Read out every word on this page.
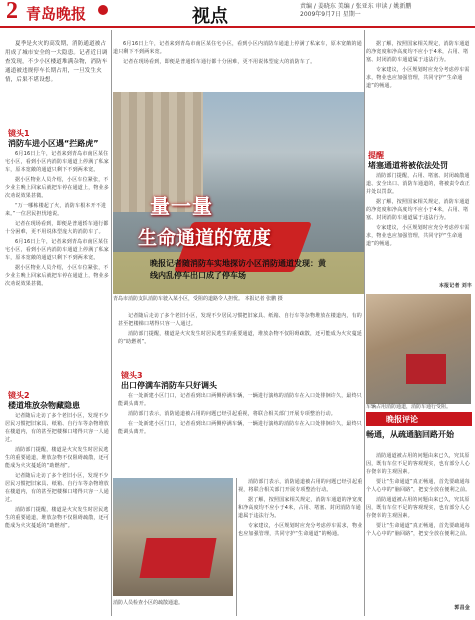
2 青岛晚报	视点	责编 / 姜晓东 美编 / 张亚东 审读 / 姚新鹏
2009年9月7日 星期一

夏季是火灾的高发期，消防通道被占用成了城市安全的一大隐患。记者近日调查发现，不少小区楼道堆满杂物，消防车通道被违规停车长期占用，一旦发生火情，后果不堪设想。

镜头1
消防车进小区遇“拦路虎”

6月16日上午，记者来到青岛市南区某住宅小区，看到小区内消防车通道上停满了私家车，原本宽敞的通道只剩下不到两米宽。

据小区物业人员介绍，小区车位紧张，不少业主晚上回家后就把车停在通道上，物业多次劝说效果甚微。

“万一哪栋楼起了火，消防车根本开不进来。”一位居民担忧地说。

记者在现场看到，即便是普通轿车通行都十分困难，更不用说体型庞大的消防车了。

6月16日上午，记者来到青岛市南区某住宅小区，看到小区内消防车通道上停满了私家车，原本宽敞的通道只剩下不到两米宽。

据小区物业人员介绍，小区车位紧张，不少业主晚上回家后就把车停在通道上，物业多次劝说效果甚微。

镜头2
楼道堆放杂物藏隐患

记者随后走访了多个老旧小区，发现不少居民习惯把旧家具、纸箱、自行车等杂物堆放在楼道内，有的甚至把楼梯口堵得只容一人通过。

消防部门提醒，楼道是火灾发生时居民逃生的重要通道，堆放杂物不仅阻碍疏散，还可能成为火灾蔓延的“助燃剂”。

记者随后走访了多个老旧小区，发现不少居民习惯把旧家具、纸箱、自行车等杂物堆放在楼道内，有的甚至把楼梯口堵得只容一人通过。

消防部门提醒，楼道是火灾发生时居民逃生的重要通道，堆放杂物不仅阻碍疏散，还可能成为火灾蔓延的“助燃剂”。

6月16日上午，记者来到青岛市南区某住宅小区，看到小区内消防车通道上停满了私家车，原本宽敞的通道只剩下不到两米宽。

记者在现场看到，即便是普通轿车通行都十分困难，更不用说体型庞大的消防车了。

量一量
生命通道的宽度
晚报记者随消防车实地探访小区消防通道发现：黄线内乱停车出口成了停车场
青岛市消防支队消防车驶入某小区，受阻的道路令人担忧。 本报记者 张鹏 摄

记者随后走访了多个老旧小区，发现不少居民习惯把旧家具、纸箱、自行车等杂物堆放在楼道内，有的甚至把楼梯口堵得只容一人通过。

消防部门提醒，楼道是火灾发生时居民逃生的重要通道，堆放杂物不仅阻碍疏散，还可能成为火灾蔓延的“助燃剂”。

镜头3
出口停满车消防车只好调头

在一处新建小区门口，记者看到出口两侧停满车辆，一辆进行演练的消防车在入口处徘徊许久，最终只能调头离开。

消防部门表示，消防通道被占用的问题已经引起重视，将联合相关部门开展专项整治行动。

在一处新建小区门口，记者看到出口两侧停满车辆，一辆进行演练的消防车在入口处徘徊许久，最终只能调头离开。

消防人员检查小区的疏散通道。

消防部门表示，消防通道被占用的问题已经引起重视，将联合相关部门开展专项整治行动。

据了解，按照国家相关规定，消防车通道的净宽度和净高度均不应小于4米，占用、堵塞、封闭消防车通道属于违法行为。

专家建议，小区规划时应充分考虑停车需求，物业也应加强管理，共同守护“生命通道”的畅通。

据了解，按照国家相关规定，消防车通道的净宽度和净高度均不应小于4米，占用、堵塞、封闭消防车通道属于违法行为。

专家建议，小区规划时应充分考虑停车需求，物业也应加强管理，共同守护“生命通道”的畅通。

提醒
堵塞通道将被依法处罚

消防部门提醒，占用、堵塞、封闭疏散通道、安全出口、消防车通道的，将被责令改正并处以罚款。

据了解，按照国家相关规定，消防车通道的净宽度和净高度均不应小于4米，占用、堵塞、封闭消防车通道属于违法行为。

专家建议，小区规划时应充分考虑停车需求，物业也应加强管理，共同守护“生命通道”的畅通。

本报记者 刘丰
车辆占用消防通道，消防车通行受阻。
晚报评论
畅通，从疏通脑回路开始

消防通道被占用的问题由来已久，究其原因，既有车位不足的客观现实，也有部分人心存侥幸的主观因素。

要让“生命通道”真正畅通，首先要疏通每个人心中的“脑回路”，把安全放在便利之前。

消防通道被占用的问题由来已久，究其原因，既有车位不足的客观现实，也有部分人心存侥幸的主观因素。

要让“生命通道”真正畅通，首先要疏通每个人心中的“脑回路”，把安全放在便利之前。

郭昌金
